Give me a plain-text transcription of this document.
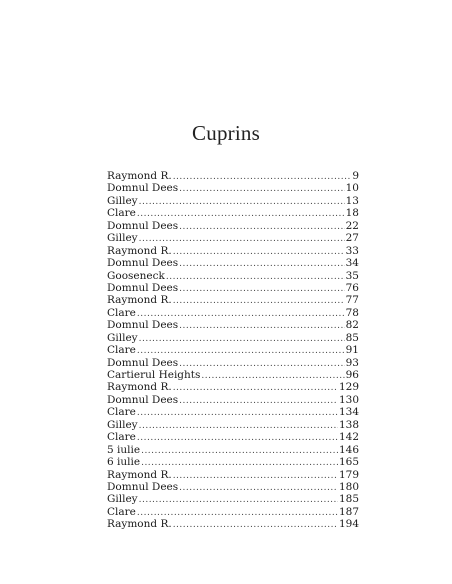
Cuprins
Raymond R. .....	9
Domnul Dees .....	10
Gilley .....	13
Clare .....	18
Domnul Dees .....	22
Gilley .....	27
Raymond R. .....	33
Domnul Dees .....	34
Gooseneck .....	35
Domnul Dees .....	76
Raymond R. .....	77
Clare .....	78
Domnul Dees .....	82
Gilley .....	85
Clare .....	91
Domnul Dees .....	93
Cartierul Heights .....	96
Raymond R. .....	129
Domnul Dees .....	130
Clare .....	134
Gilley .....	138
Clare .....	142
5 iulie .....	146
6 iulie .....	165
Raymond R. .....	179
Domnul Dees .....	180
Gilley .....	185
Clare .....	187
Raymond R. .....	194
